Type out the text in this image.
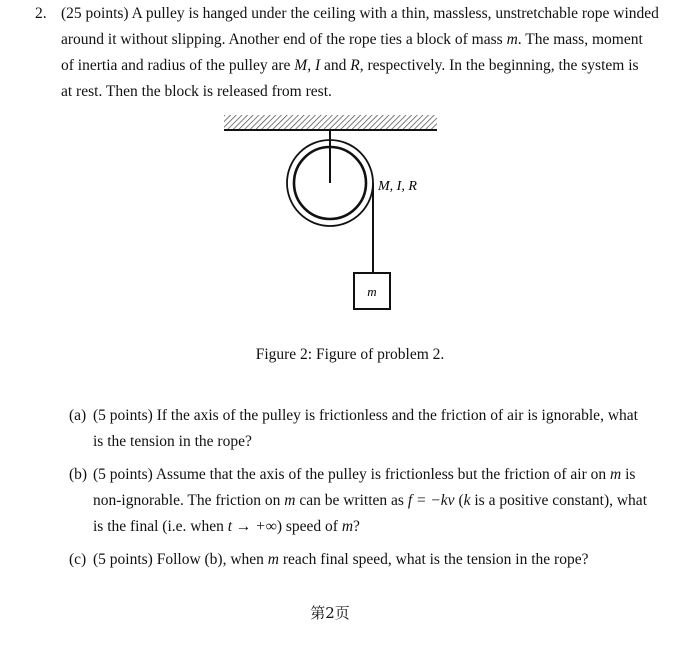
2. (25 points) A pulley is hanged under the ceiling with a thin, massless, unstretchable rope winded
around it without slipping. Another end of the rope ties a block of mass m. The mass, moment
of inertia and radius of the pulley are M, I and R, respectively. In the beginning, the system is
at rest. Then the block is released from rest.
M, I, R
m
Figure 2: Figure of problem 2.
(a) (5 points) If the axis of the pulley is frictionless and the friction of air is ignorable, what
is the tension in the rope?
(b) (5 points) Assume that the axis of the pulley is frictionless but the friction of air on m is
non-ignorable. The friction on m can be written as f = −kv (k is a positive constant), what
is the final (i.e. when t → +∞) speed of m?
(c) (5 points) Follow (b), when m reach final speed, what is the tension in the rope?
第2页
